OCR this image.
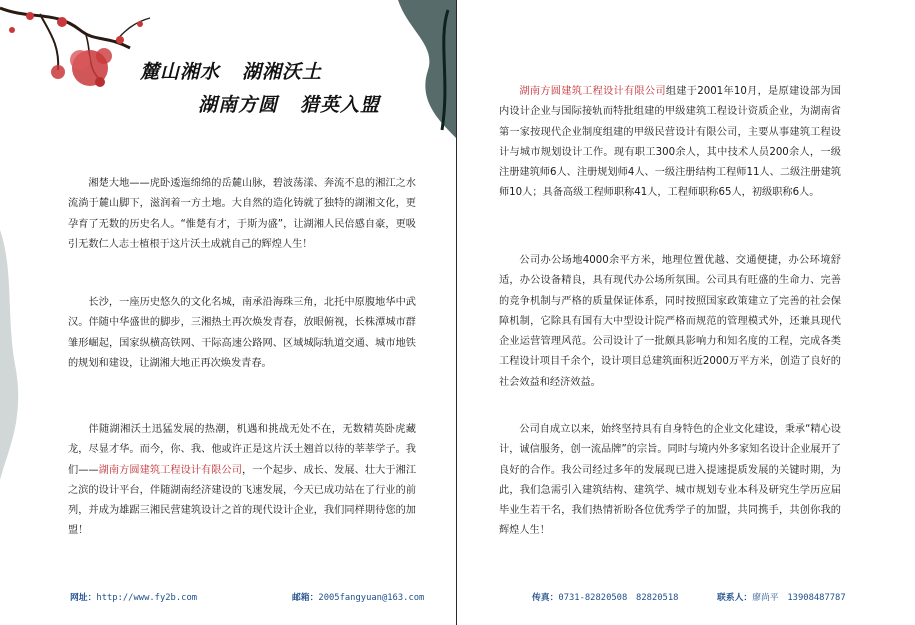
麓山湘水 湖湘沃土
湖南方圆 猎英入盟

湘楚大地——虎卧逶迤绵绵的岳麓山脉，碧波荡漾、奔流不息的湘江之水流淌于麓山脚下，滋润着一方土地。大自然的造化铸就了独特的湖湘文化，更孕育了无数的历史名人。“惟楚有才，于斯为盛”，让湖湘人民倍感自豪，更吸引无数仁人志士植根于这片沃土成就自己的辉煌人生！

长沙，一座历史悠久的文化名城，南承沿海珠三角，北托中原腹地华中武汉。伴随中华盛世的脚步，三湘热土再次焕发青春，放眼俯视，长株潭城市群雏形崛起，国家纵横高铁网、干际高速公路网、区域城际轨道交通、城市地铁的规划和建设，让湖湘大地正再次焕发青春。

伴随湖湘沃土迅猛发展的热潮，机遇和挑战无处不在，无数精英卧虎藏龙，尽显才华。而今，你、我、他或许正是这片沃土翘首以待的莘莘学子。我们——湖南方圆建筑工程设计有限公司，一个起步、成长、发展、壮大于湘江之滨的设计平台，伴随湖南经济建设的飞速发展，今天已成功站在了行业的前列，并成为雄踞三湘民营建筑设计之首的现代设计企业，我们同样期待您的加盟！

网址：http://www.fy2b.com	邮箱：2005fangyuan@163.com

湖南方圆建筑工程设计有限公司组建于2001年10月，是原建设部为国内设计企业与国际接轨而特批组建的甲级建筑工程设计资质企业，为湖南省第一家按现代企业制度组建的甲级民营设计有限公司，主要从事建筑工程设计与城市规划设计工作。现有职工300余人，其中技术人员200余人，一级注册建筑师6人、注册规划师4人、一级注册结构工程师11人、二级注册建筑师10人；具备高级工程师职称41人，工程师职称65人，初级职称6人。

公司办公场地4000余平方米，地理位置优越、交通便捷，办公环境舒适，办公设备精良，具有现代办公场所氛围。公司具有旺盛的生命力、完善的竞争机制与严格的质量保证体系，同时按照国家政策建立了完善的社会保障机制，它除具有国有大中型设计院严格而规范的管理模式外，还兼具现代企业运营管理风范。公司设计了一批颇具影响力和知名度的工程，完成各类工程设计项目千余个，设计项目总建筑面积近2000万平方米，创造了良好的社会效益和经济效益。

公司自成立以来，始终坚持具有自身特色的企业文化建设，秉承“精心设计，诚信服务，创一流品牌”的宗旨。同时与境内外多家知名设计企业展开了良好的合作。我公司经过多年的发展现已进入提速提质发展的关键时期，为此，我们急需引入建筑结构、建筑学、城市规划专业本科及研究生学历应届毕业生若干名，我们热情祈盼各位优秀学子的加盟，共同携手，共创你我的辉煌人生！

传真：0731-82820508　82820518	联系人：廖尚平　13908487787
